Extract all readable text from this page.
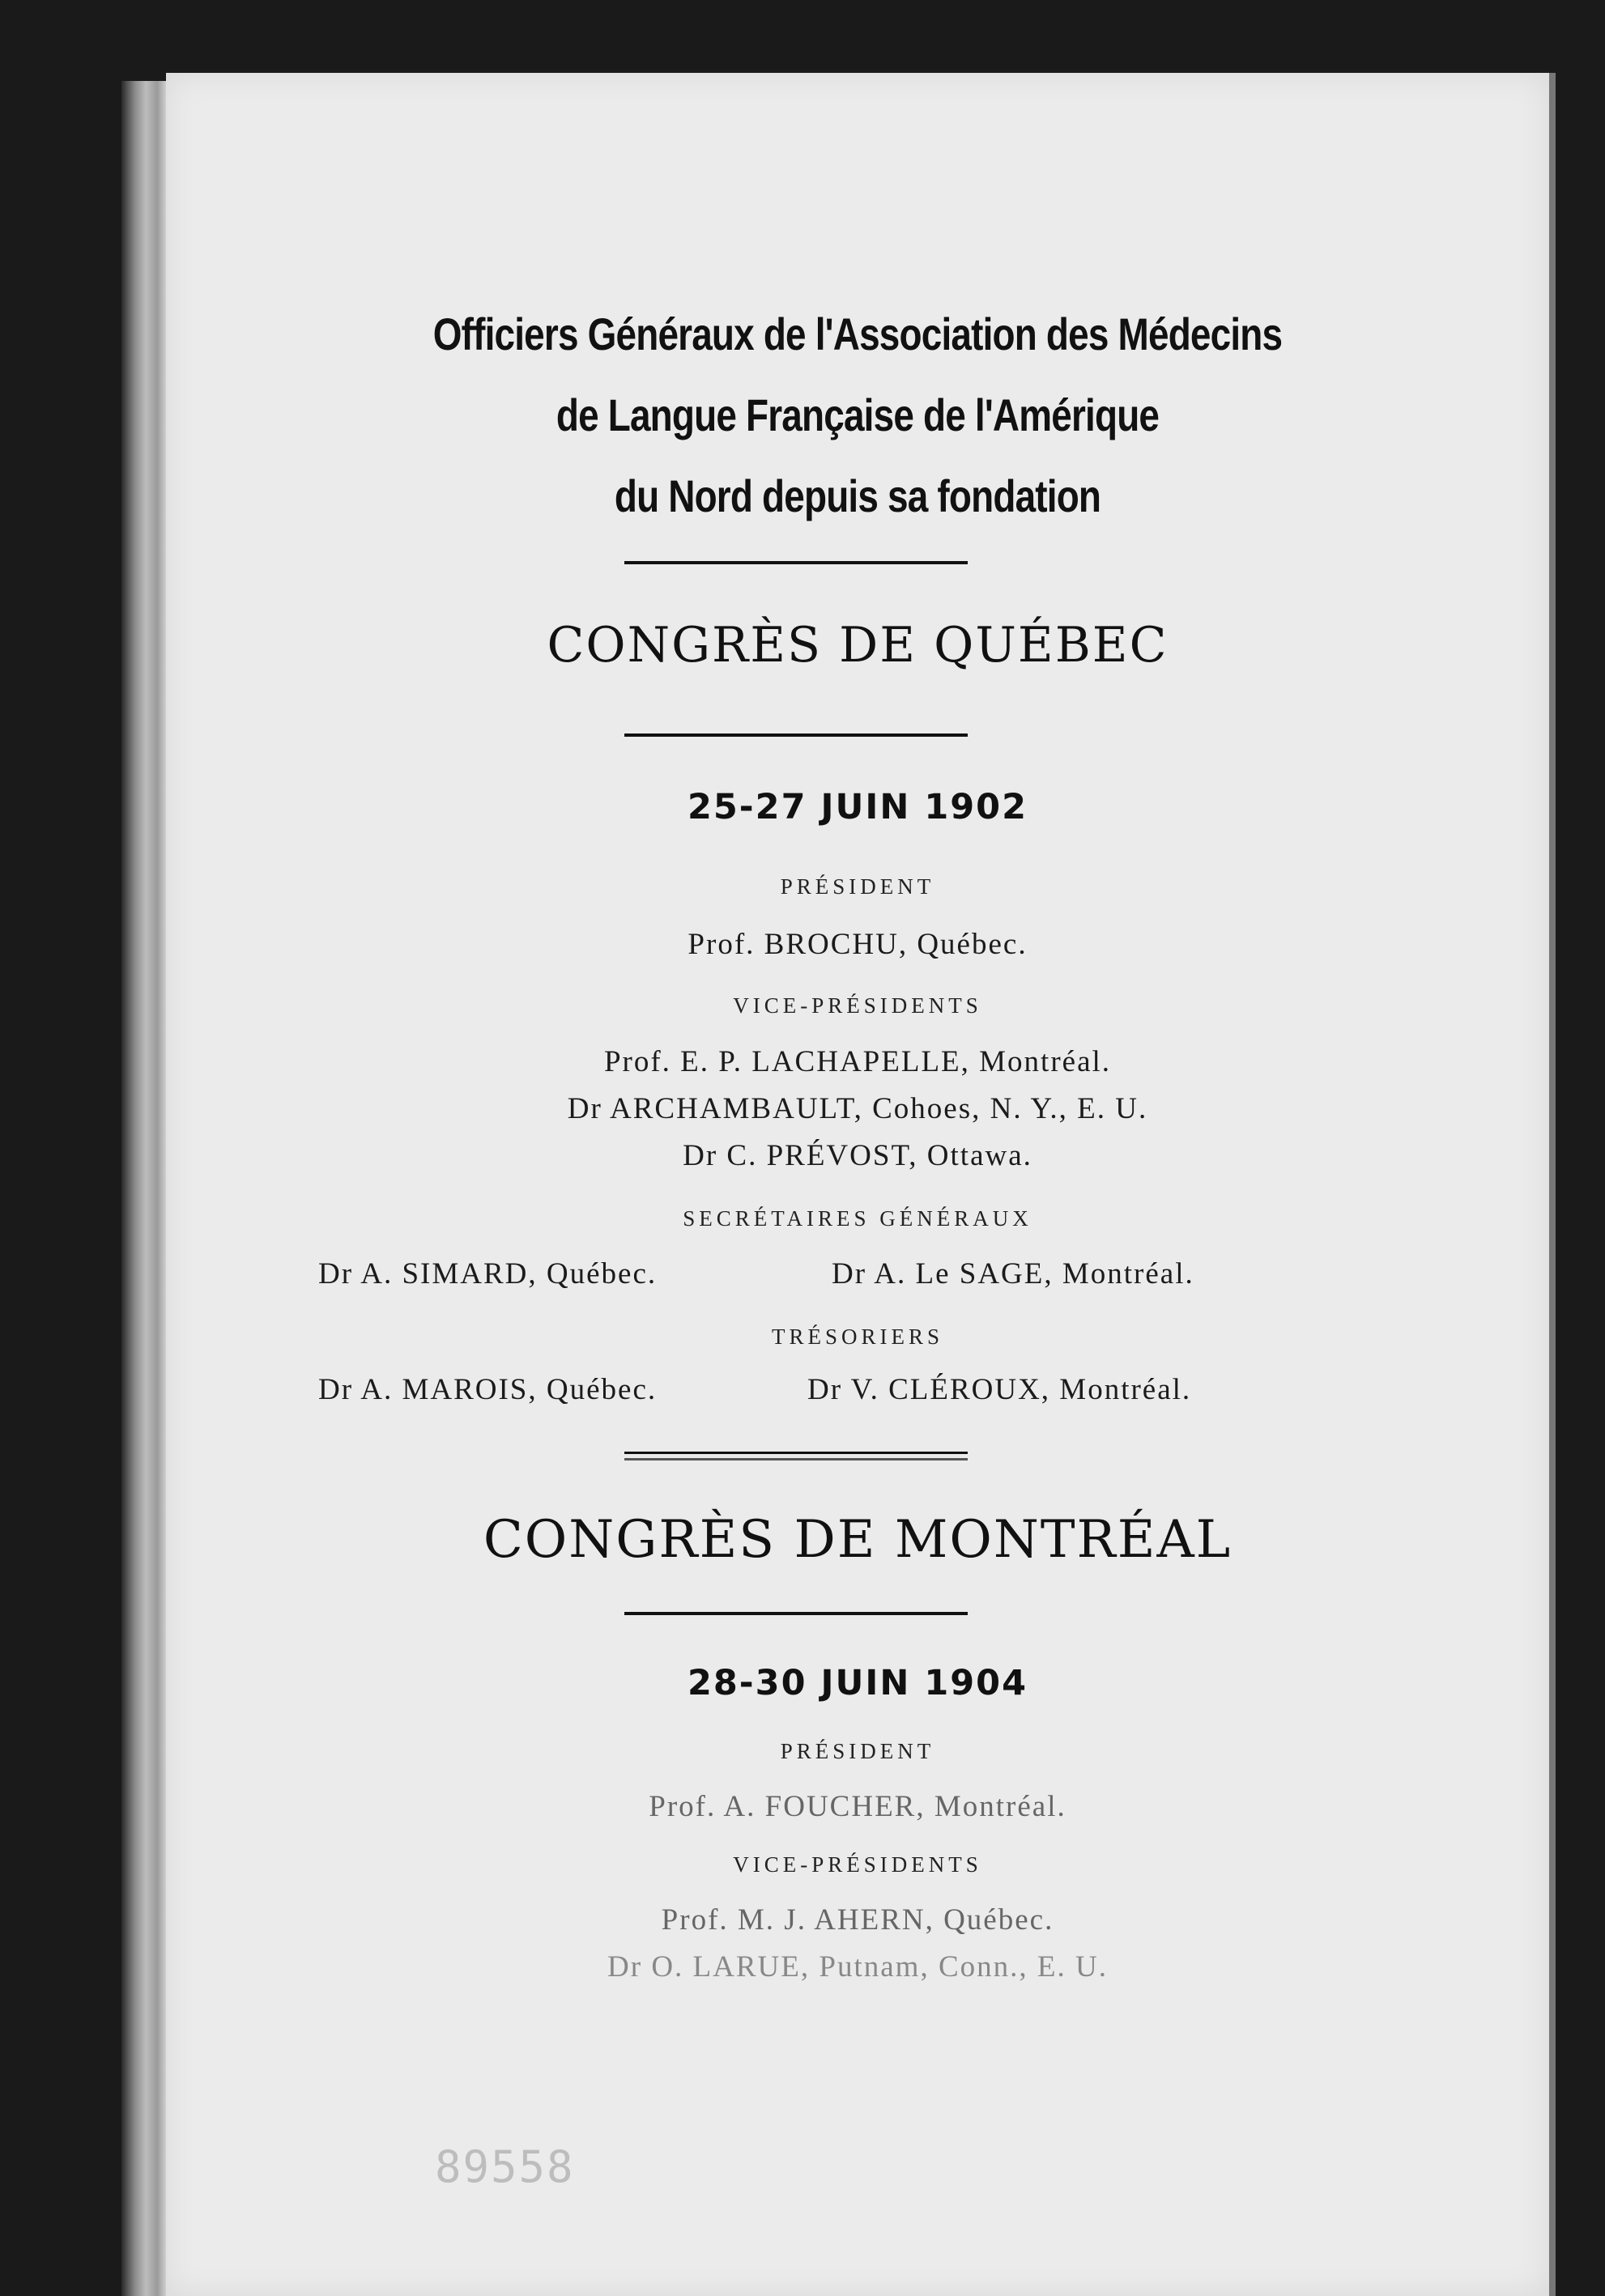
Officiers Généraux de l'Association des Médecins
de Langue Française de l'Amérique
du Nord depuis sa fondation
CONGRÈS DE QUÉBEC
25-27 JUIN 1902
PRÉSIDENT
Prof. BROCHU, Québec.
VICE-PRÉSIDENTS
Prof. E. P. LACHAPELLE, Montréal.
Dr ARCHAMBAULT, Cohoes, N. Y., E. U.
Dr C. PRÉVOST, Ottawa.
SECRÉTAIRES GÉNÉRAUX
Dr A. SIMARD, Québec.	Dr A. Le SAGE, Montréal.
TRÉSORIERS
Dr A. MAROIS, Québec.	Dr V. CLÉROUX, Montréal.
CONGRÈS DE MONTRÉAL
28-30 JUIN 1904
PRÉSIDENT
Prof. A. FOUCHER, Montréal.
VICE-PRÉSIDENTS
Prof. M. J. AHERN, Québec.
Dr O. LARUE, Putnam, Conn., E. U.
89558
